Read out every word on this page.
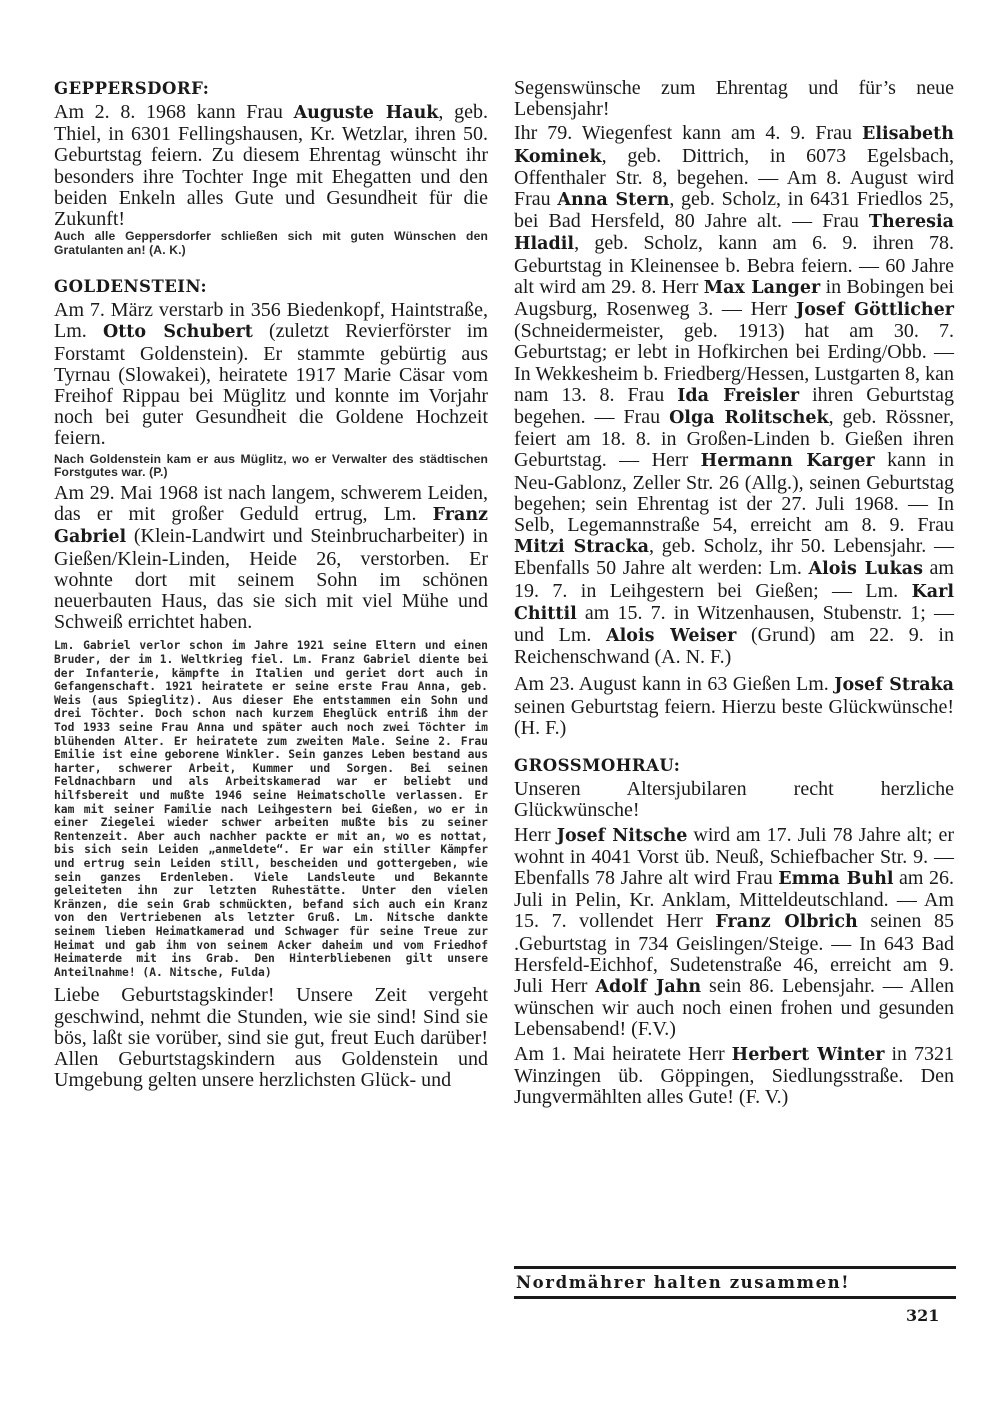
GEPPERSDORF:

Am 2. 8. 1968 kann Frau Auguste Hauk, geb. Thiel, in 6301 Fellingshausen, Kr. Wetzlar, ihren 50. Geburtstag feiern. Zu diesem Ehrentag wünscht ihr besonders ihre Tochter Inge mit Ehegatten und den beiden Enkeln alles Gute und Gesundheit für die Zukunft!

Auch alle Geppersdorfer schließen sich mit guten Wünschen den Gratulanten an! (A. K.)

GOLDENSTEIN:

Am 7. März verstarb in 356 Biedenkopf, Haintstraße, Lm. Otto Schubert (zuletzt Revierförster im Forstamt Goldenstein). Er stammte gebürtig aus Tyrnau (Slowakei), heiratete 1917 Marie Cäsar vom Freihof Rippau bei Müglitz und konnte im Vorjahr noch bei guter Gesundheit die Goldene Hochzeit feiern.

Nach Goldenstein kam er aus Müglitz, wo er Verwalter des städtischen Forstgutes war. (P.)

Am 29. Mai 1968 ist nach langem, schwerem Leiden, das er mit großer Geduld ertrug, Lm. Franz Gabriel (Klein-Landwirt und Steinbrucharbeiter) in Gießen/Klein-Linden, Heide 26, verstorben. Er wohnte dort mit seinem Sohn im schönen neuerbauten Haus, das sie sich mit viel Mühe und Schweiß errichtet haben.

Lm. Gabriel verlor schon im Jahre 1921 seine Eltern und einen Bruder, der im 1. Weltkrieg fiel. Lm. Franz Gabriel diente bei der Infanterie, kämpfte in Italien und geriet dort auch in Gefangenschaft. 1921 heiratete er seine erste Frau Anna, geb. Weis (aus Spieglitz). Aus dieser Ehe entstammen ein Sohn und drei Töchter. Doch schon nach kurzem Eheglück entriß ihm der Tod 1933 seine Frau Anna und später auch noch zwei Töchter im blühenden Alter. Er heiratete zum zweiten Male. Seine 2. Frau Emilie ist eine geborene Winkler. Sein ganzes Leben bestand aus harter, schwerer Arbeit, Kummer und Sorgen. Bei seinen Feldnachbarn und als Arbeitskamerad war er beliebt und hilfsbereit und mußte 1946 seine Heimatscholle verlassen. Er kam mit seiner Familie nach Leihgestern bei Gießen, wo er in einer Ziegelei wieder schwer arbeiten mußte bis zu seiner Rentenzeit. Aber auch nachher packte er mit an, wo es nottat, bis sich sein Leiden „anmeldete“. Er war ein stiller Kämpfer und ertrug sein Leiden still, bescheiden und gottergeben, wie sein ganzes Erdenleben. Viele Landsleute und Bekannte geleiteten ihn zur letzten Ruhestätte. Unter den vielen Kränzen, die sein Grab schmückten, befand sich auch ein Kranz von den Vertriebenen als letzter Gruß. Lm. Nitsche dankte seinem lieben Heimatkamerad und Schwager für seine Treue zur Heimat und gab ihm von seinem Acker daheim und vom Friedhof Heimaterde mit ins Grab. Den Hinterbliebenen gilt unsere Anteilnahme! (A. Nitsche, Fulda)

Liebe Geburtstagskinder! Unsere Zeit vergeht geschwind, nehmt die Stunden, wie sie sind! Sind sie bös, laßt sie vorüber, sind sie gut, freut Euch darüber! Allen Geburtstagskindern aus Goldenstein und Umgebung gelten unsere herzlichsten Glück- und

Segenswünsche zum Ehrentag und für’s neue Lebensjahr!

Ihr 79. Wiegenfest kann am 4. 9. Frau Elisabeth Kominek, geb. Dittrich, in 6073 Egelsbach, Offenthaler Str. 8, begehen. — Am 8. August wird Frau Anna Stern, geb. Scholz, in 6431 Friedlos 25, bei Bad Hersfeld, 80 Jahre alt. — Frau Theresia Hladil, geb. Scholz, kann am 6. 9. ihren 78. Geburtstag in Kleinensee b. Bebra feiern. — 60 Jahre alt wird am 29. 8. Herr Max Langer in Bobingen bei Augsburg, Rosenweg 3. — Herr Josef Göttlicher (Schneidermeister, geb. 1913) hat am 30. 7. Geburtstag; er lebt in Hofkirchen bei Erding/Obb. — In Wekkesheim b. Friedberg/Hessen, Lustgarten 8, kan nam 13. 8. Frau Ida Freisler ihren Geburtstag begehen. — Frau Olga Rolitschek, geb. Rössner, feiert am 18. 8. in Großen-Linden b. Gießen ihren Geburtstag. — Herr Hermann Karger kann in Neu-Gablonz, Zeller Str. 26 (Allg.), seinen Geburtstag begehen; sein Ehrentag ist der 27. Juli 1968. — In Selb, Legemannstraße 54, erreicht am 8. 9. Frau Mitzi Stracka, geb. Scholz, ihr 50. Lebensjahr. — Ebenfalls 50 Jahre alt werden: Lm. Alois Lukas am 19. 7. in Leihgestern bei Gießen; — Lm. Karl Chittil am 15. 7. in Witzenhausen, Stubenstr. 1; — und Lm. Alois Weiser (Grund) am 22. 9. in Reichenschwand (A. N. F.)

Am 23. August kann in 63 Gießen Lm. Josef Straka seinen Geburtstag feiern. Hierzu beste Glückwünsche! (H. F.)

GROSSMOHRAU:

Unseren Altersjubilaren recht herzliche Glückwünsche!

Herr Josef Nitsche wird am 17. Juli 78 Jahre alt; er wohnt in 4041 Vorst üb. Neuß, Schiefbacher Str. 9. — Ebenfalls 78 Jahre alt wird Frau Emma Buhl am 26. Juli in Pelin, Kr. Anklam, Mitteldeutschland. — Am 15. 7. vollendet Herr Franz Olbrich seinen 85 .Geburtstag in 734 Geislingen/Steige. — In 643 Bad Hersfeld-Eichhof, Sudetenstraße 46, erreicht am 9. Juli Herr Adolf Jahn sein 86. Lebensjahr. — Allen wünschen wir auch noch einen frohen und gesunden Lebensabend! (F.V.)

Am 1. Mai heiratete Herr Herbert Winter in 7321 Winzingen üb. Göppingen, Siedlungsstraße. Den Jungvermählten alles Gute! (F. V.)

Nordmährer halten zusammen!
321
